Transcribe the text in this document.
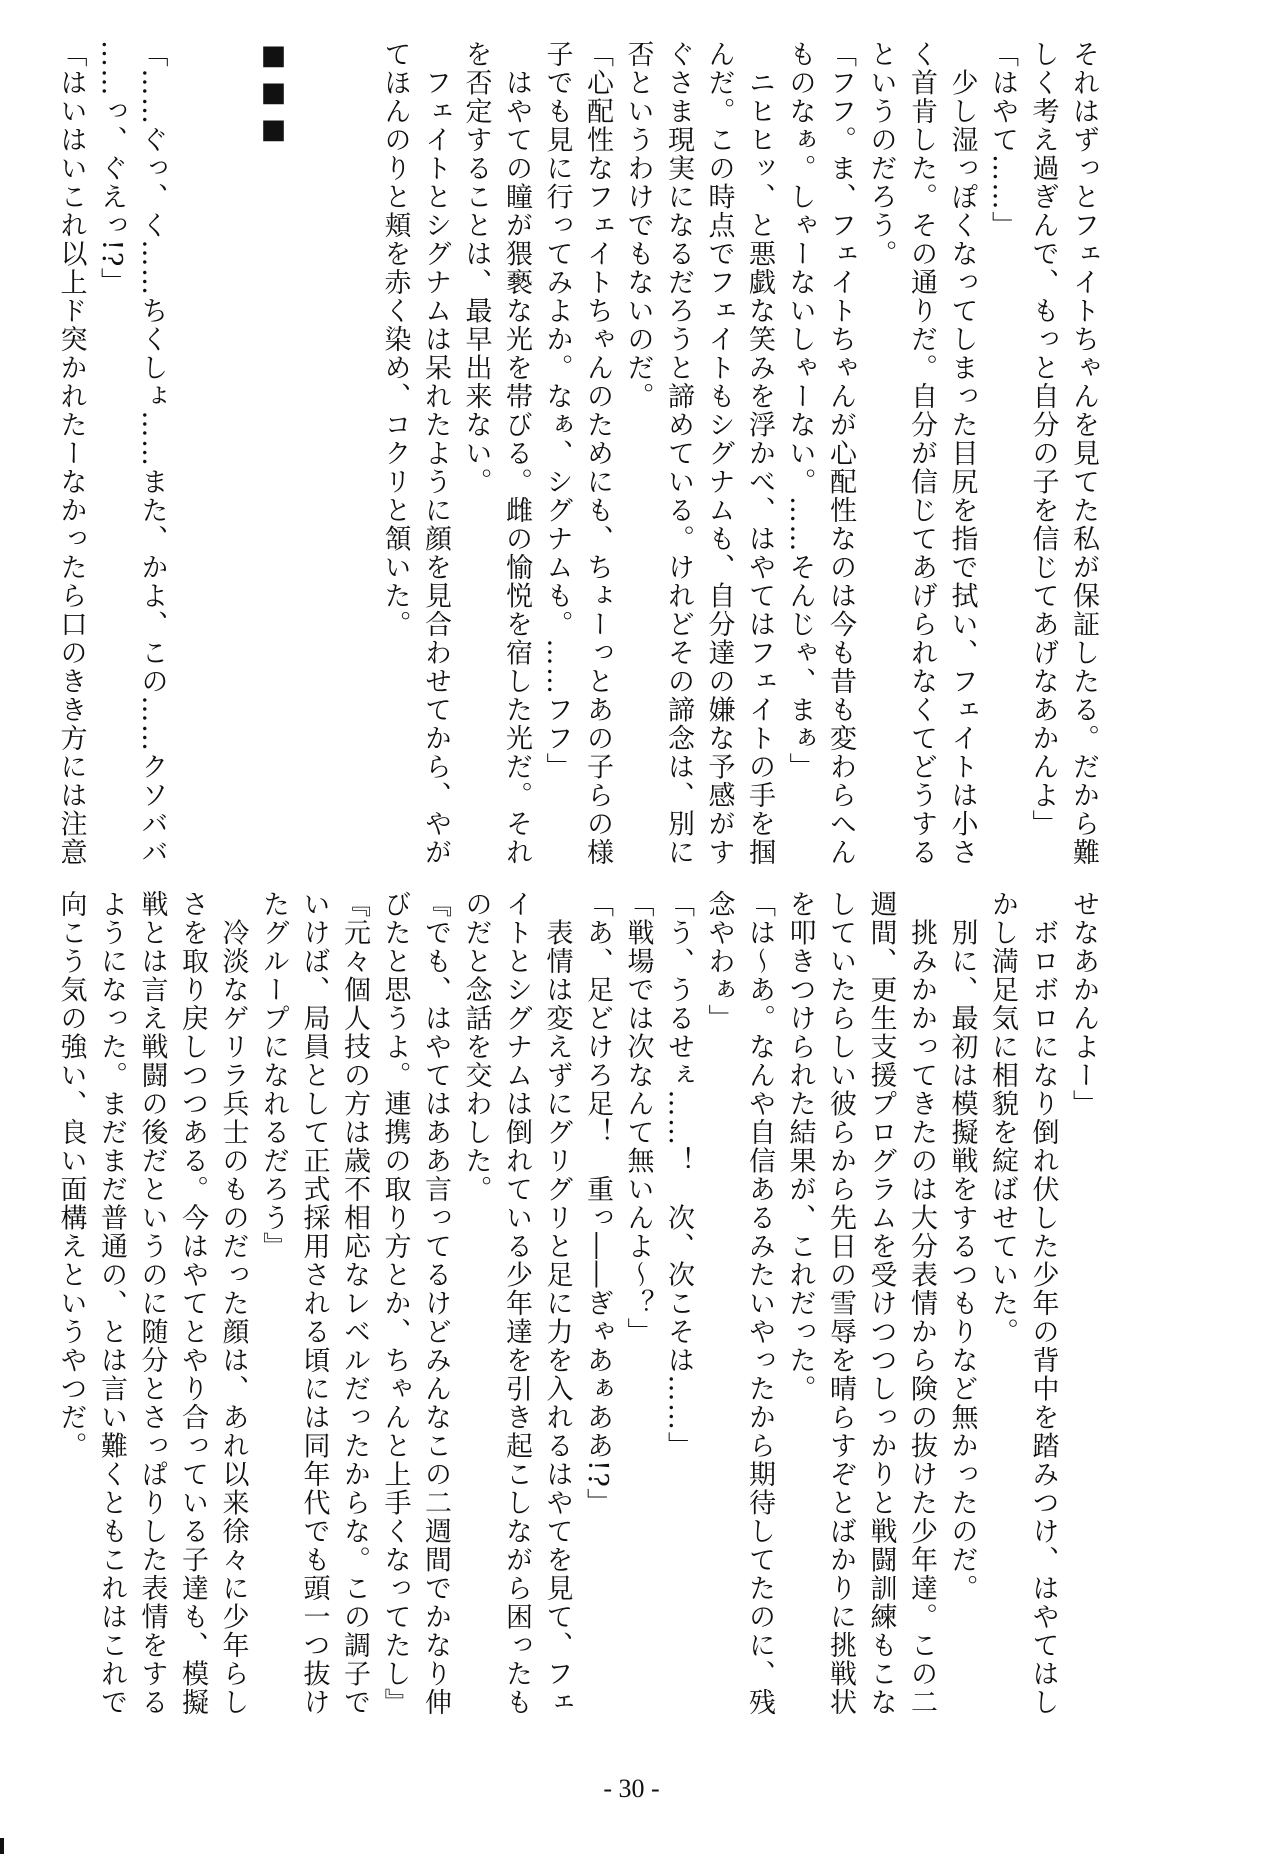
それはずっとフェイトちゃんを見てた私が保証したる。だから難

しく考え過ぎんで、もっと自分の子を信じてあげなあかんよ」

「はやて……」

　少し湿っぽくなってしまった目尻を指で拭い、フェイトは小さ

く首肯した。その通りだ。自分が信じてあげられなくてどうする

というのだろう。

「フフ。ま、フェイトちゃんが心配性なのは今も昔も変わらへん

ものなぁ。しゃーないしゃーない。……そんじゃ、まぁ」

　ニヒヒッ、と悪戯な笑みを浮かべ、はやてはフェイトの手を掴

んだ。この時点でフェイトもシグナムも、自分達の嫌な予感がす

ぐさま現実になるだろうと諦めている。けれどその諦念は、別に

否というわけでもないのだ。

「心配性なフェイトちゃんのためにも、ちょーっとあの子らの様

子でも見に行ってみよか。なぁ、シグナムも。……フフ」

　はやての瞳が猥褻な光を帯びる。雌の愉悦を宿した光だ。それ

を否定することは、最早出来ない。

　フェイトとシグナムは呆れたように顔を見合わせてから、やが

てほんのりと頬を赤く染め、コクリと頷いた。

■■■

「……ぐっ、く……ちくしょ……また、かよ、この……クソババ

……っ、ぐえっ!?」

「はいはいこれ以上ド突かれたーなかったら口のきき方には注意

せなあかんよー」

　ボロボロになり倒れ伏した少年の背中を踏みつけ、はやてはし

かし満足気に相貌を綻ばせていた。

　別に、最初は模擬戦をするつもりなど無かったのだ。

　挑みかかってきたのは大分表情から険の抜けた少年達。この二

週間、更生支援プログラムを受けつつしっかりと戦闘訓練もこな

していたらしい彼らから先日の雪辱を晴らすぞとばかりに挑戦状

を叩きつけられた結果が、これだった。

「は～あ。なんや自信あるみたいやったから期待してたのに、残

念やわぁ」

「う、うるせぇ……！　次、次こそは……」

「戦場では次なんて無いんよ～？」

「あ、足どけろ足！　重っ――ぎゃあぁああ!?」

　表情は変えずにグリグリと足に力を入れるはやてを見て、フェ

イトとシグナムは倒れている少年達を引き起こしながら困ったも

のだと念話を交わした。

『でも、はやてはああ言ってるけどみんなこの二週間でかなり伸

びたと思うよ。連携の取り方とか、ちゃんと上手くなってたし』

『元々個人技の方は歳不相応なレベルだったからな。この調子で

いけば、局員として正式採用される頃には同年代でも頭一つ抜け

たグループになれるだろう』

　冷淡なゲリラ兵士のものだった顔は、あれ以来徐々に少年らし

さを取り戻しつつある。今はやてとやり合っている子達も、模擬

戦とは言え戦闘の後だというのに随分とさっぱりした表情をする

ようになった。まだまだ普通の、とは言い難くともこれはこれで

向こう気の強い、良い面構えというやつだ。

- 30 -
